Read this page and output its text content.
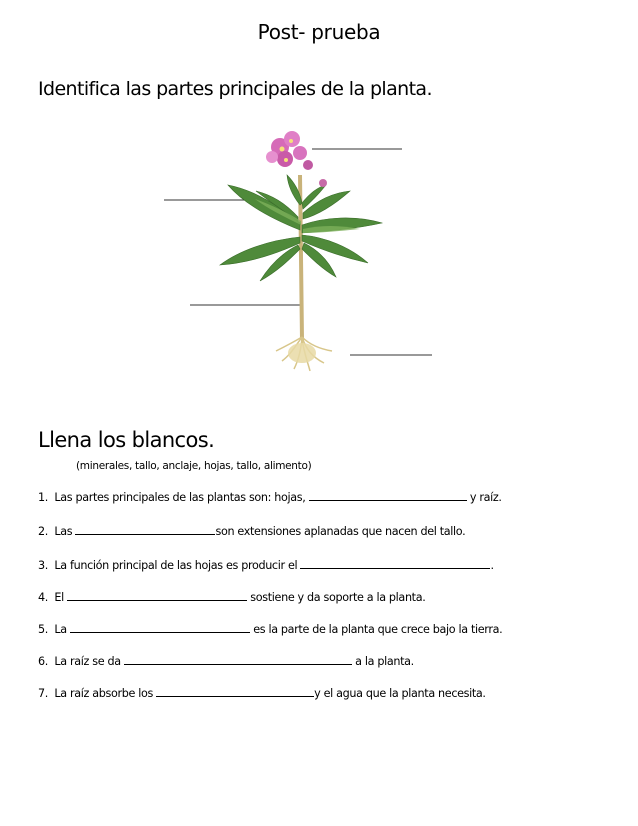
Post- prueba
Identifica las partes principales de la planta.
Llena los blancos.
(minerales, tallo, anclaje, hojas, tallo, alimento)
1. Las partes principales de las plantas son: hojas,	y raíz.
2. Las	son extensiones aplanadas que nacen del tallo.
3. La función principal de las hojas es producir el	.
4. El	sostiene y da soporte a la planta.
5. La	es la parte de la planta que crece bajo la tierra.
6. La raíz se da	a la planta.
7. La raíz absorbe los	y el agua que la planta necesita.
